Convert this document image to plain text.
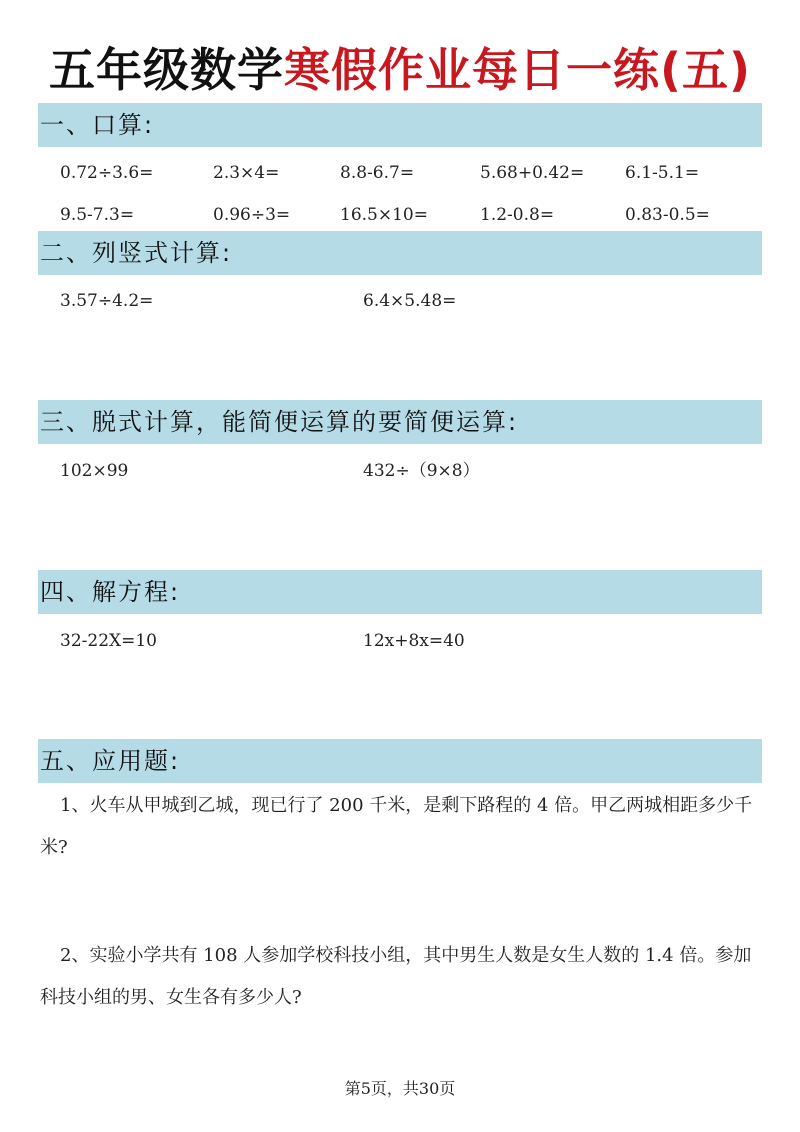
五年级数学寒假作业每日一练(五)
一、口算:
0.72÷3.6=	2.3×4=	8.8-6.7=	5.68+0.42= 6.1-5.1=
9.5-7.3=	0.96÷3=	16.5×10=	1.2-0.8=	0.83-0.5=
二、列竖式计算:
3.57÷4.2=	6.4×5.48=
三、脱式计算，能简便运算的要简便运算:
102×99	432÷（9×8）
四、解方程:
32-22X=10	12x+8x=40
五、应用题:
1、火车从甲城到乙城，现已行了 200 千米，是剩下路程的 4 倍。甲乙两城相距多少千米?
2、实验小学共有 108 人参加学校科技小组，其中男生人数是女生人数的 1.4 倍。参加科技小组的男、女生各有多少人?
第5页，共30页
